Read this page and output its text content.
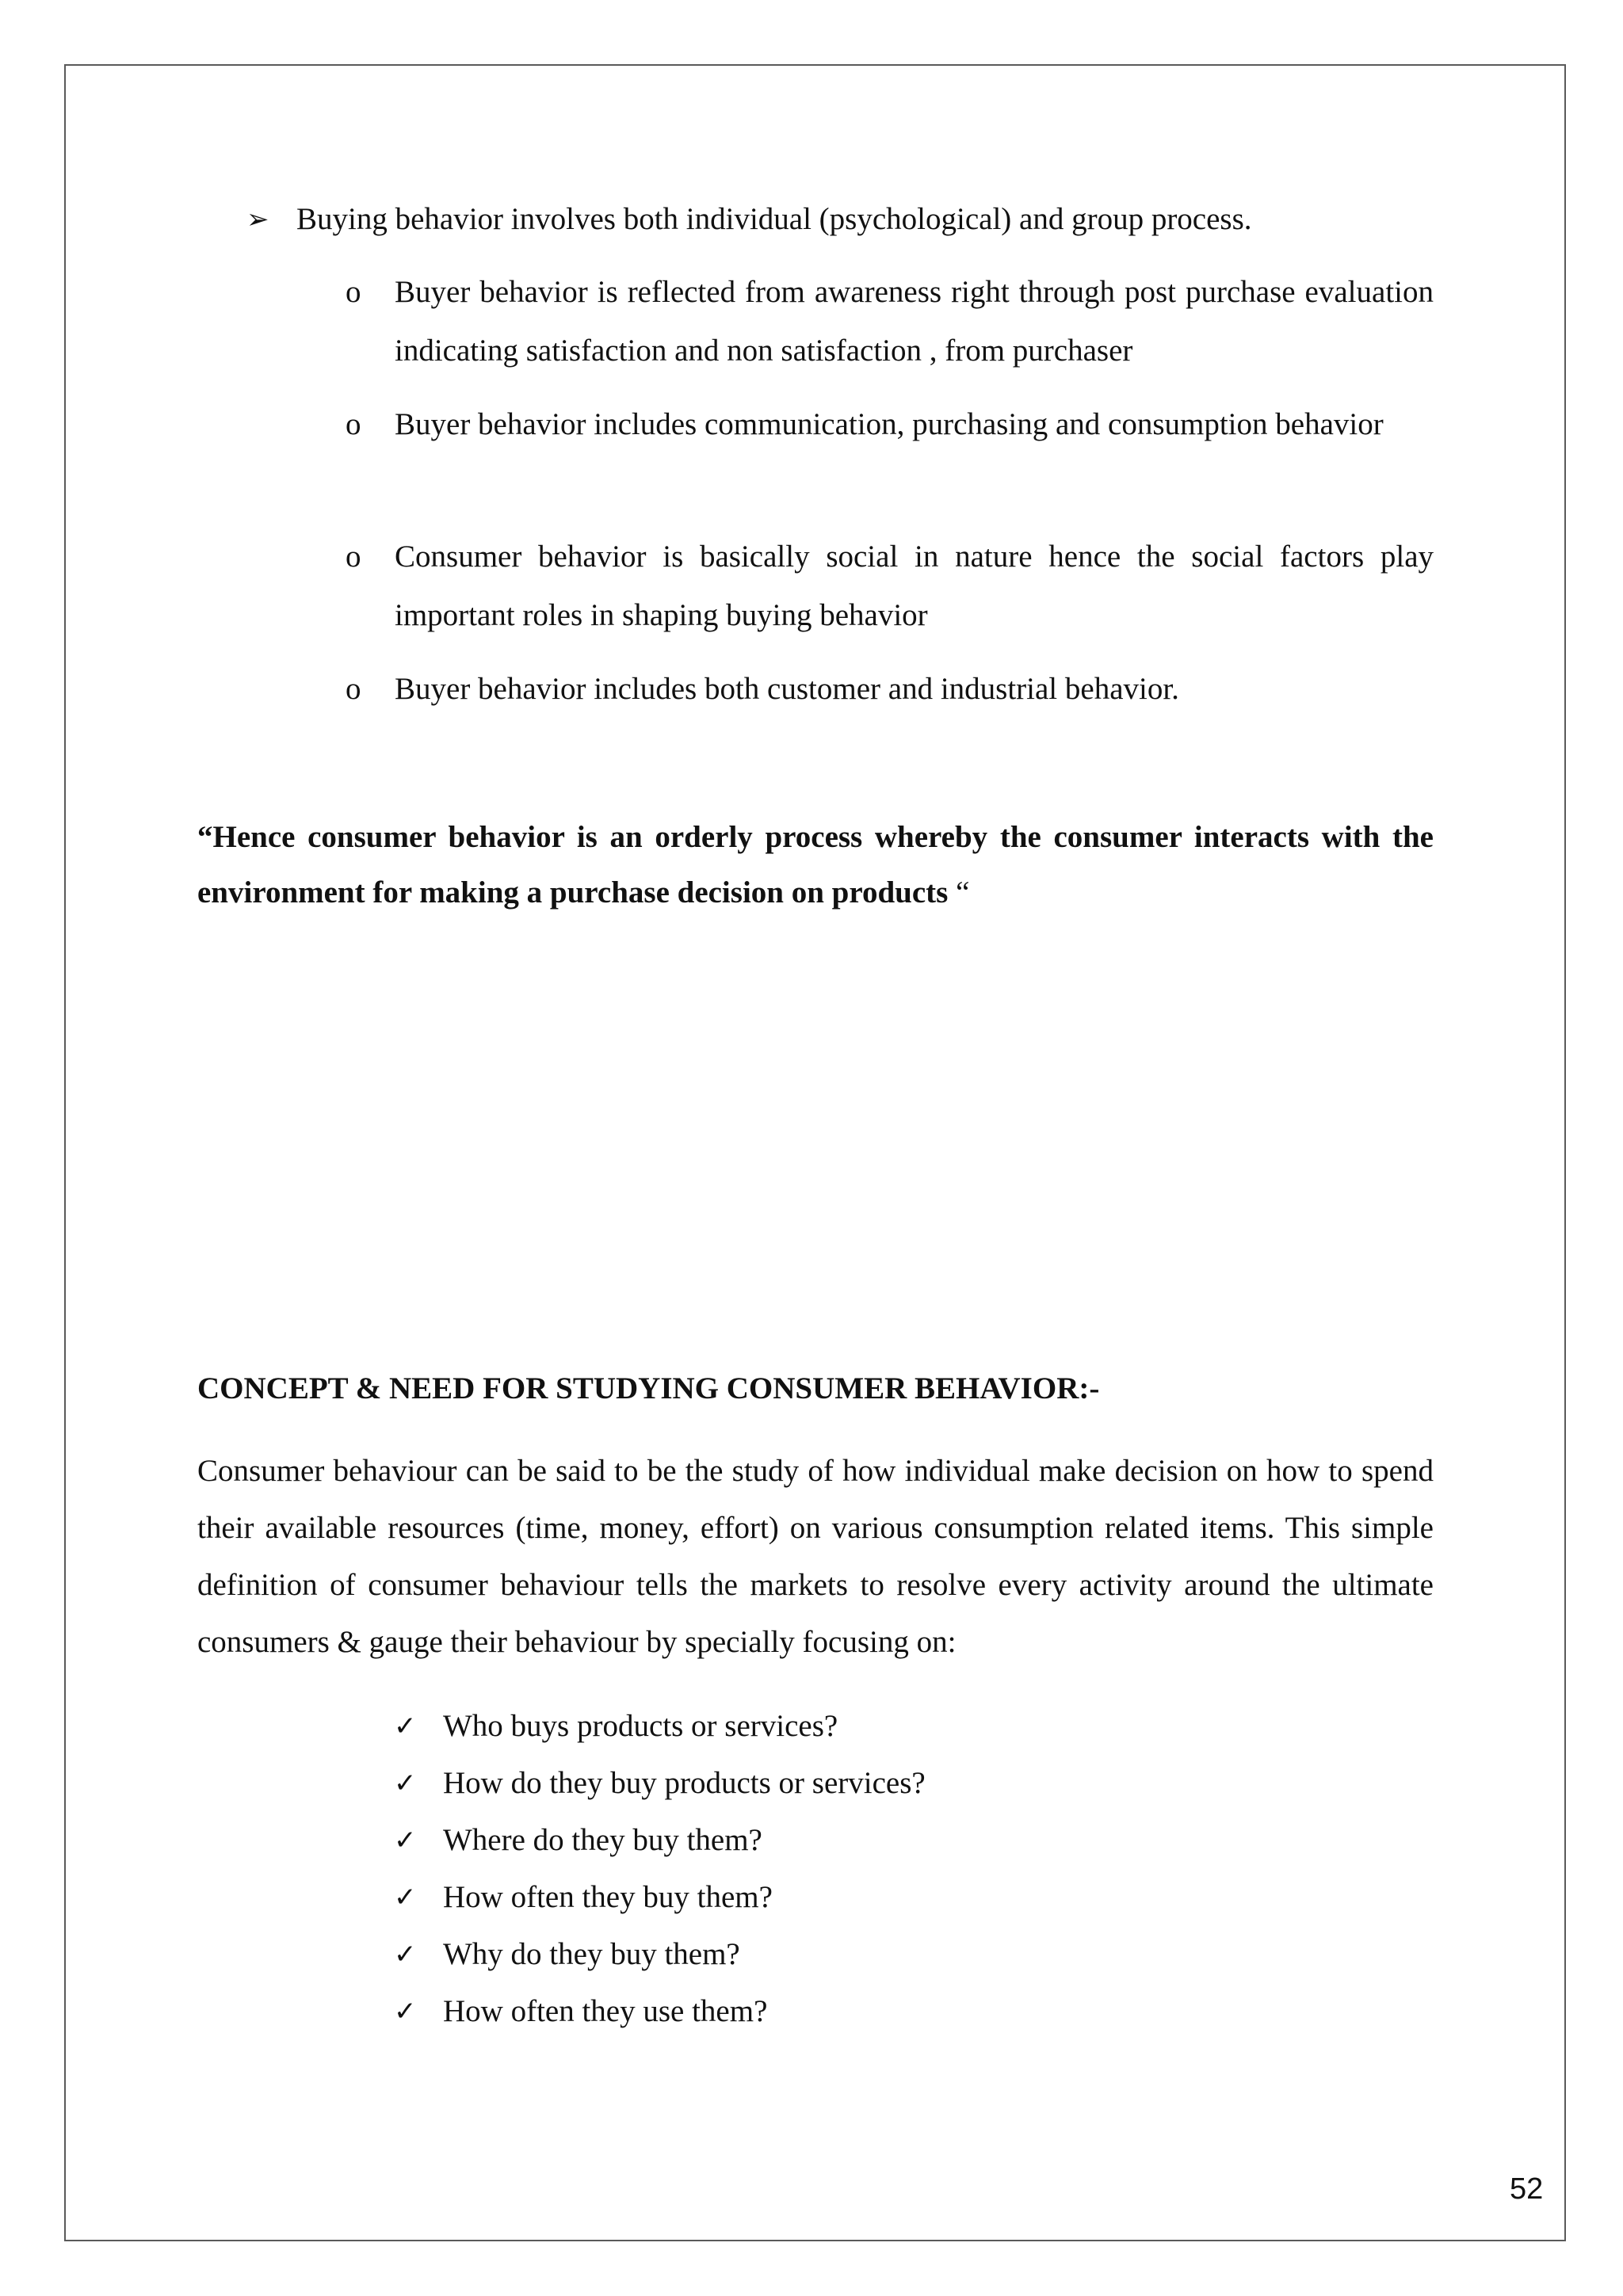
➢ Buying behavior involves both individual (psychological) and group process.
o Buyer behavior is reflected from awareness right through post purchase evaluation indicating satisfaction and non satisfaction , from purchaser
o Buyer behavior includes communication, purchasing and consumption behavior
o Consumer behavior is basically social in nature hence the social factors play important roles in shaping buying behavior
o Buyer behavior includes both customer and industrial behavior.
“Hence consumer behavior is an orderly process whereby the consumer interacts with the environment for making a purchase decision on products “
CONCEPT & NEED FOR STUDYING CONSUMER BEHAVIOR:-
Consumer behaviour can be said to be the study of how individual make decision on how to spend their available resources (time, money, effort) on various consumption related items. This simple definition of consumer behaviour tells the markets to resolve every activity around the ultimate consumers & gauge their behaviour by specially focusing on:
✓ Who buys products or services?
✓ How do they buy products or services?
✓ Where do they buy them?
✓ How often they buy them?
✓ Why do they buy them?
✓ How often they use them?
52
